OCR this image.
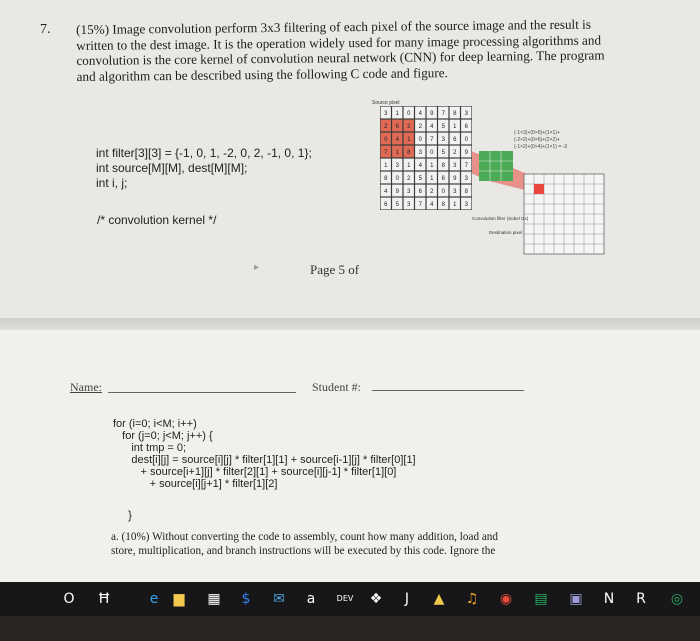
7. (15%) Image convolution perform 3x3 filtering of each pixel of the source image and the result is
written to the dest image. It is the operation widely used for many image processing algorithms and
convolution is the core kernel of convolution neural network (CNN) for deep learning. The program
and algorithm can be described using the following C code and figure.
int filter[3][3] = {-1, 0, 1, -2, 0, 2, -1, 0, 1};
int source[M][M], dest[M][M];
int i, j;
/* convolution kernel */
3 1 0 4 9 7 8 3
2 6 2 2 4 5 1 6
0 4 1 0 7 3 6 0
7 1 8 3 0 5 2 9
1 3 1 4 1 8 3 7
8 0 2 5 1 6 9 3
4 9 3 6 2 0 3 8
6 5 3 7 4 8 1 3
Source pixel
Convolution filter (Sobel Gx)
Destination pixel
(-1×3)+(0×0)+(1×1)+
(-2×2)+(0×6)+(2×2)+
(-1×2)+(0×4)+(1×1) = -3
▸	Page 5 of
Name:	Student #:
for (i=0; i<M; i++)
for (j=0; j<M; j++) {
int tmp = 0;
dest[i][j] = source[i][j] * filter[1][1] + source[i-1][j] * filter[0][1]
+ source[i+1][j] * filter[2][1] + source[i][j-1] * filter[1][0]
+ source[i][j+1] * filter[1][2]
}
a. (10%) Without converting the code to assembly, count how many addition, load and
store, multiplication, and branch instructions will be executed by this code. Ignore the
O Ħ	e	▆ ▦	$	✉	a	DEV ❖	J	▲ ♫ ◉ ▤ ▣ N R ◎
